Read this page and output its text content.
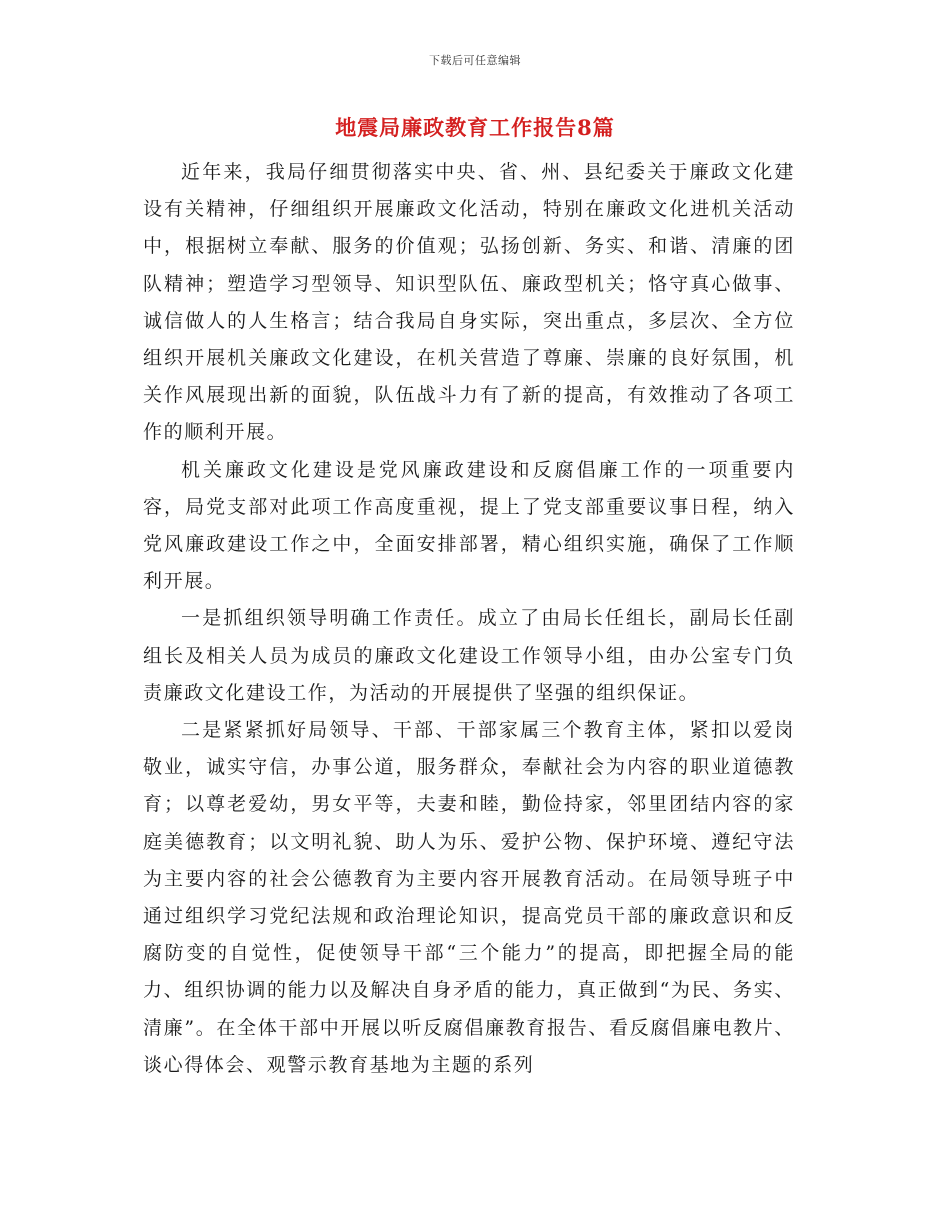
下载后可任意编辑
地震局廉政教育工作报告8篇

近年来，我局仔细贯彻落实中央、省、州、县纪委关于廉政文化建设有关精神，仔细组织开展廉政文化活动，特别在廉政文化进机关活动中，根据树立奉献、服务的价值观；弘扬创新、务实、和谐、清廉的团队精神；塑造学习型领导、知识型队伍、廉政型机关；恪守真心做事、诚信做人的人生格言；结合我局自身实际，突出重点，多层次、全方位组织开展机关廉政文化建设，在机关营造了尊廉、崇廉的良好氛围，机关作风展现出新的面貌，队伍战斗力有了新的提高，有效推动了各项工作的顺利开展。

机关廉政文化建设是党风廉政建设和反腐倡廉工作的一项重要内容，局党支部对此项工作高度重视，提上了党支部重要议事日程，纳入党风廉政建设工作之中，全面安排部署，精心组织实施，确保了工作顺利开展。

一是抓组织领导明确工作责任。成立了由局长任组长，副局长任副组长及相关人员为成员的廉政文化建设工作领导小组，由办公室专门负责廉政文化建设工作，为活动的开展提供了坚强的组织保证。

二是紧紧抓好局领导、干部、干部家属三个教育主体，紧扣以爱岗敬业，诚实守信，办事公道，服务群众，奉献社会为内容的职业道德教育；以尊老爱幼，男女平等，夫妻和睦，勤俭持家，邻里团结内容的家庭美德教育；以文明礼貌、助人为乐、爱护公物、保护环境、遵纪守法为主要内容的社会公德教育为主要内容开展教育活动。在局领导班子中通过组织学习党纪法规和政治理论知识，提高党员干部的廉政意识和反腐防变的自觉性，促使领导干部“三个能力”的提高，即把握全局的能力、组织协调的能力以及解决自身矛盾的能力，真正做到“为民、务实、清廉”。在全体干部中开展以听反腐倡廉教育报告、看反腐倡廉电教片、谈心得体会、观警示教育基地为主题的系列
